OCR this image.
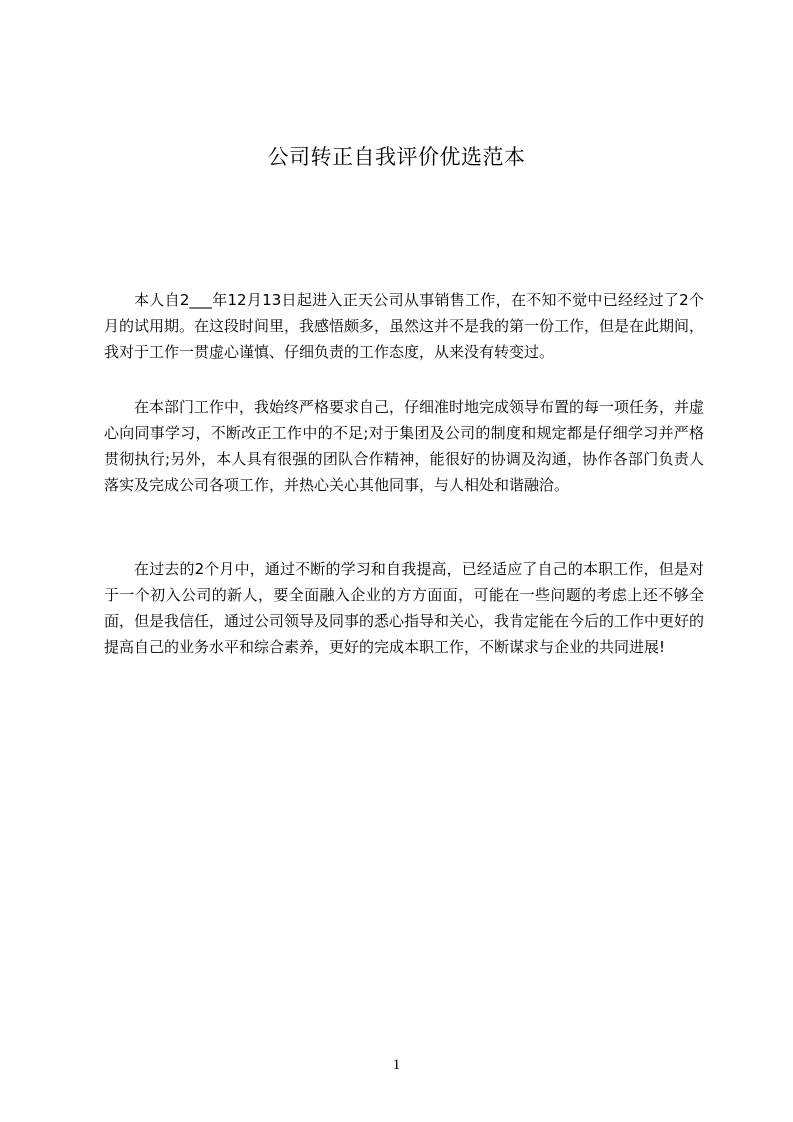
公司转正自我评价优选范本

本人自2___年12月13日起进入正天公司从事销售工作，在不知不觉中已经经过了2个月的试用期。在这段时间里，我感悟颇多，虽然这并不是我的第一份工作，但是在此期间，我对于工作一贯虚心谨慎、仔细负责的工作态度，从来没有转变过。

在本部门工作中，我始终严格要求自己，仔细准时地完成领导布置的每一项任务，并虚心向同事学习，不断改正工作中的不足;对于集团及公司的制度和规定都是仔细学习并严格贯彻执行;另外，本人具有很强的团队合作精神，能很好的协调及沟通，协作各部门负责人落实及完成公司各项工作，并热心关心其他同事，与人相处和谐融洽。

在过去的2个月中，通过不断的学习和自我提高，已经适应了自己的本职工作，但是对于一个初入公司的新人，要全面融入企业的方方面面，可能在一些问题的考虑上还不够全面，但是我信任，通过公司领导及同事的悉心指导和关心，我肯定能在今后的工作中更好的提高自己的业务水平和综合素养，更好的完成本职工作，不断谋求与企业的共同进展!

1
